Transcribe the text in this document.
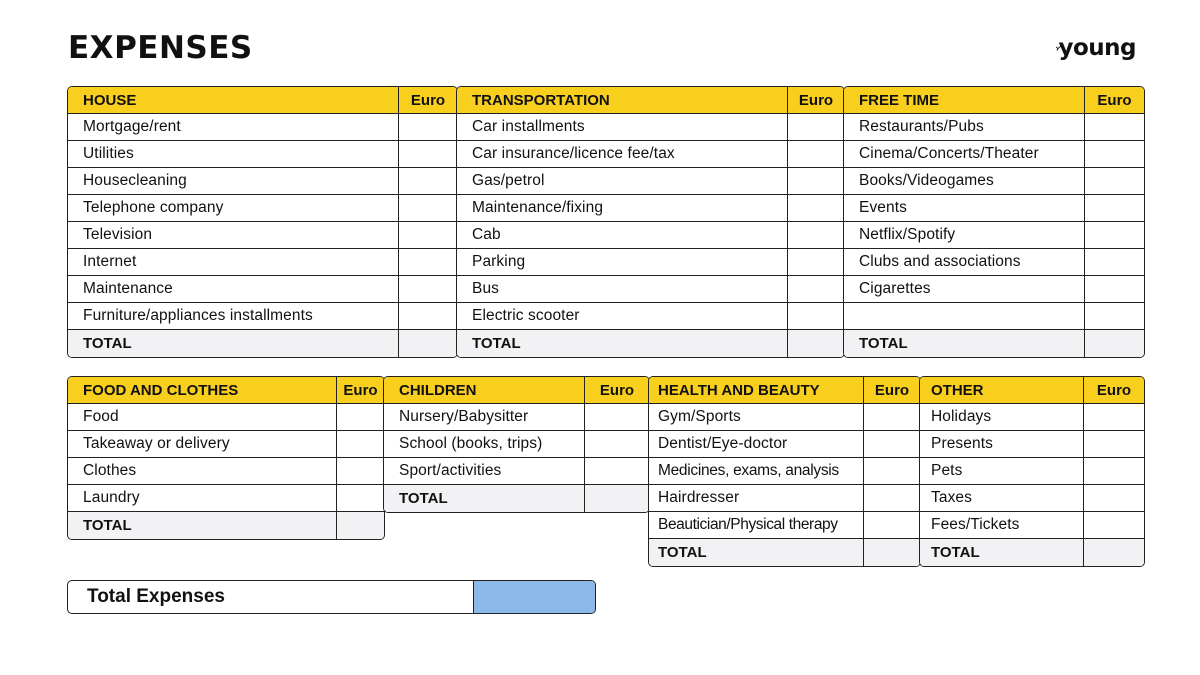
EXPENSES	young
HOUSE	Euro
Mortgage/rent	
Utilities	
Housecleaning	
Telephone company	
Television	
Internet	
Maintenance	
Furniture/appliances installments	
TOTAL	
TRANSPORTATION	Euro
Car installments	
Car insurance/licence fee/tax	
Gas/petrol	
Maintenance/fixing	
Cab	
Parking	
Bus	
Electric scooter	
TOTAL	
FREE TIME	Euro
Restaurants/Pubs	
Cinema/Concerts/Theater	
Books/Videogames	
Events	
Netflix/Spotify	
Clubs and associations	
Cigarettes	

TOTAL	
FOOD AND CLOTHES	Euro
Food	
Takeaway or delivery	
Clothes	
Laundry	
TOTAL	
CHILDREN	Euro
Nursery/Babysitter	
School (books, trips)	
Sport/activities	
TOTAL	
HEALTH AND BEAUTY	Euro
Gym/Sports	
Dentist/Eye-doctor	
Medicines, exams, analysis	
Hairdresser	
Beautician/Physical therapy	
TOTAL	
OTHER	Euro
Holidays	
Presents	
Pets	
Taxes	
Fees/Tickets	
TOTAL	
Total Expenses
